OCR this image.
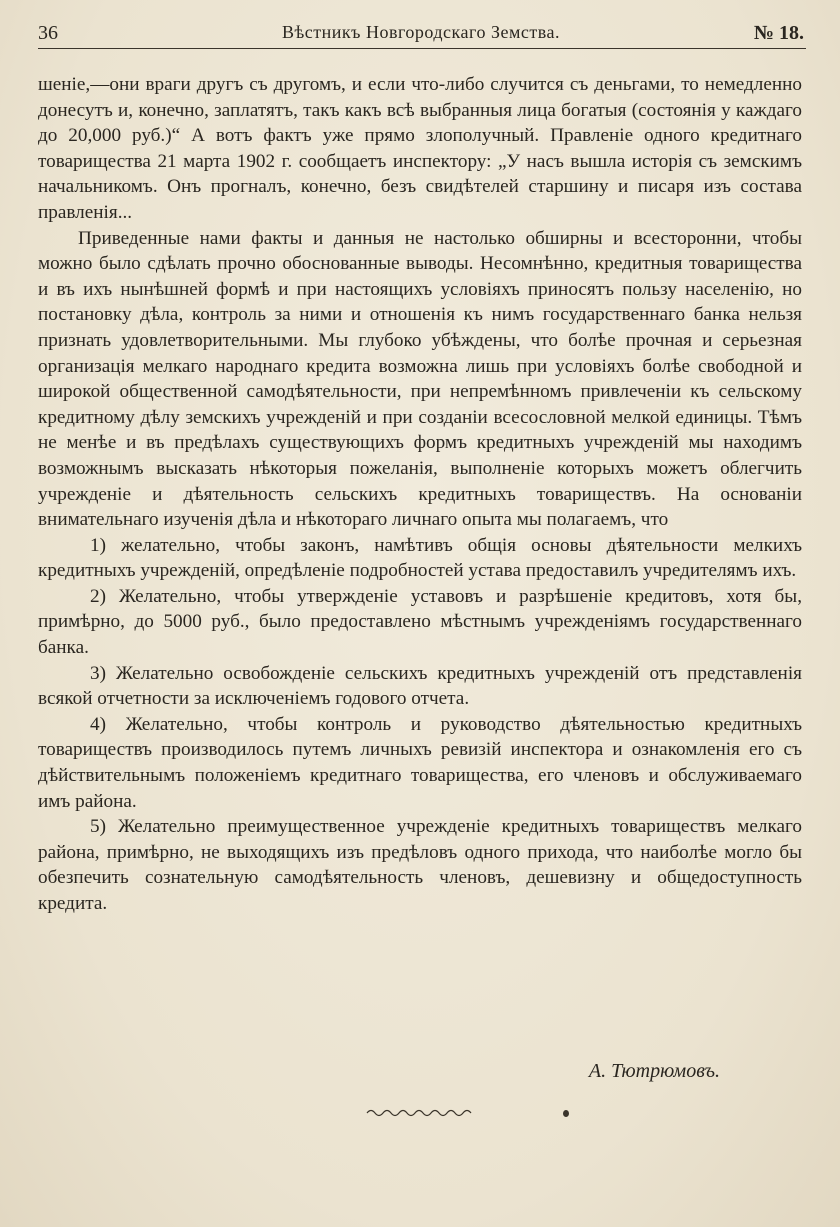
36	Вѣстникъ Новгородскаго Земства.	№ 18.

шеніе,—они враги другъ съ другомъ, и если что-либо случится съ деньгами, то немедленно донесутъ и, конечно, заплатятъ, такъ какъ всѣ выбранныя лица богатыя (состоянія у каждаго до 20,000 руб.)“ А вотъ фактъ уже прямо злополучный. Правленіе одного кредитнаго товарищества 21 марта 1902 г. сообщаетъ инспектору: „У насъ вышла исторія съ земскимъ начальникомъ. Онъ прогналъ, конечно, безъ свидѣтелей старшину и писаря изъ состава правленія...

Приведенные нами факты и данныя не настолько обширны и всесторонни, чтобы можно было сдѣлать прочно обоснованные выводы. Несомнѣнно, кредитныя товарищества и въ ихъ нынѣшней формѣ и при настоящихъ условіяхъ приносятъ пользу населенію, но постановку дѣла, контроль за ними и отношенія къ нимъ государственнаго банка нельзя признать удовлетворительными. Мы глубоко убѣждены, что болѣе прочная и серьезная организація мелкаго народнаго кредита возможна лишь при условіяхъ болѣе свободной и широкой общественной самодѣятельности, при непремѣнномъ привлеченіи къ сельскому кредитному дѣлу земскихъ учрежденій и при созданіи всесословной мелкой единицы. Тѣмъ не менѣе и въ предѣлахъ существующихъ формъ кредитныхъ учрежденій мы находимъ возможнымъ высказать нѣкоторыя пожеланія, выполненіе которыхъ можетъ облегчить учрежденіе и дѣятельность сельскихъ кредитныхъ товариществъ. На основаніи внимательнаго изученія дѣла и нѣкотораго личнаго опыта мы полагаемъ, что

1) желательно, чтобы законъ, намѣтивъ общія основы дѣятельности мелкихъ кредитныхъ учрежденій, опредѣленіе подробностей устава предоставилъ учредителямъ ихъ.

2) Желательно, чтобы утвержденіе уставовъ и разрѣшеніе кредитовъ, хотя бы, примѣрно, до 5000 руб., было предоставлено мѣстнымъ учрежденіямъ государственнаго банка.

3) Желательно освобожденіе сельскихъ кредитныхъ учрежденій отъ представленія всякой отчетности за исключеніемъ годового отчета.

4) Желательно, чтобы контроль и руководство дѣятельностью кредитныхъ товариществъ производилось путемъ личныхъ ревизій инспектора и ознакомленія его съ дѣйствительнымъ положеніемъ кредитнаго товарищества, его членовъ и обслуживаемаго имъ района.

5) Желательно преимущественное учрежденіе кредитныхъ товариществъ мелкаго района, примѣрно, не выходящихъ изъ предѣловъ одного прихода, что наиболѣе могло бы обезпечить сознательную самодѣятельность членовъ, дешевизну и общедоступность кредита.

А. Тютрюмовъ.
